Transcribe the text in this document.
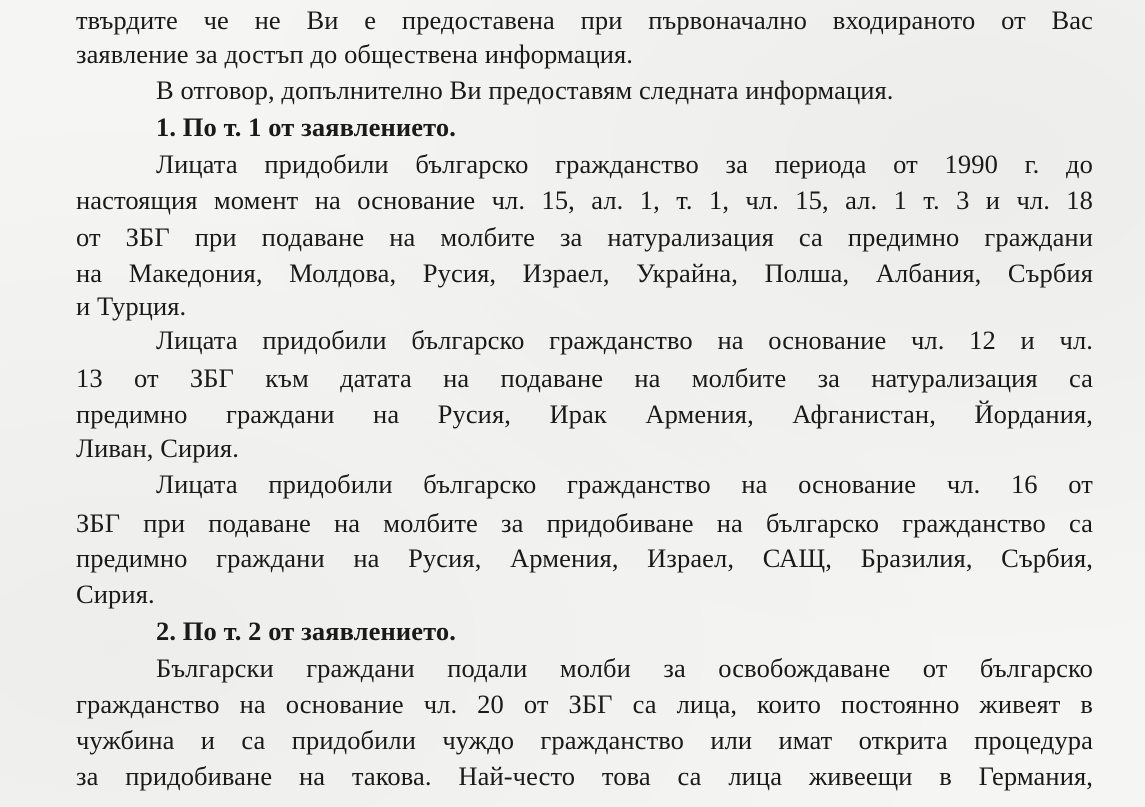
твърдите че не Ви е предоставена при първоначално входираното от Вас
заявление за достъп до обществена информация.
В отговор, допълнително Ви предоставям следната информация.
1. По т. 1 от заявлението.
Лицата придобили българско гражданство за периода от 1990 г. до
настоящия момент на основание чл. 15, ал. 1, т. 1, чл. 15, ал. 1 т. 3 и чл. 18
от ЗБГ при подаване на молбите за натурализация са предимно граждани
на Македония, Молдова, Русия, Израел, Украйна, Полша, Албания, Сърбия
и Турция.
Лицата придобили българско гражданство на основание чл. 12 и чл.
13 от ЗБГ към датата на подаване на молбите за натурализация са
предимно граждани на Русия, Ирак Армения, Афганистан, Йордания,
Ливан, Сирия.
Лицата придобили българско гражданство на основание чл. 16 от
ЗБГ при подаване на молбите за придобиване на българско гражданство са
предимно граждани на Русия, Армения, Израел, САЩ, Бразилия, Сърбия,
Сирия.
2. По т. 2 от заявлението.
Български граждани подали молби за освобождаване от българско
гражданство на основание чл. 20 от ЗБГ са лица, които постоянно живеят в
чужбина и са придобили чуждо гражданство или имат открита процедура
за придобиване на такова. Най-често това са лица живеещи в Германия,
